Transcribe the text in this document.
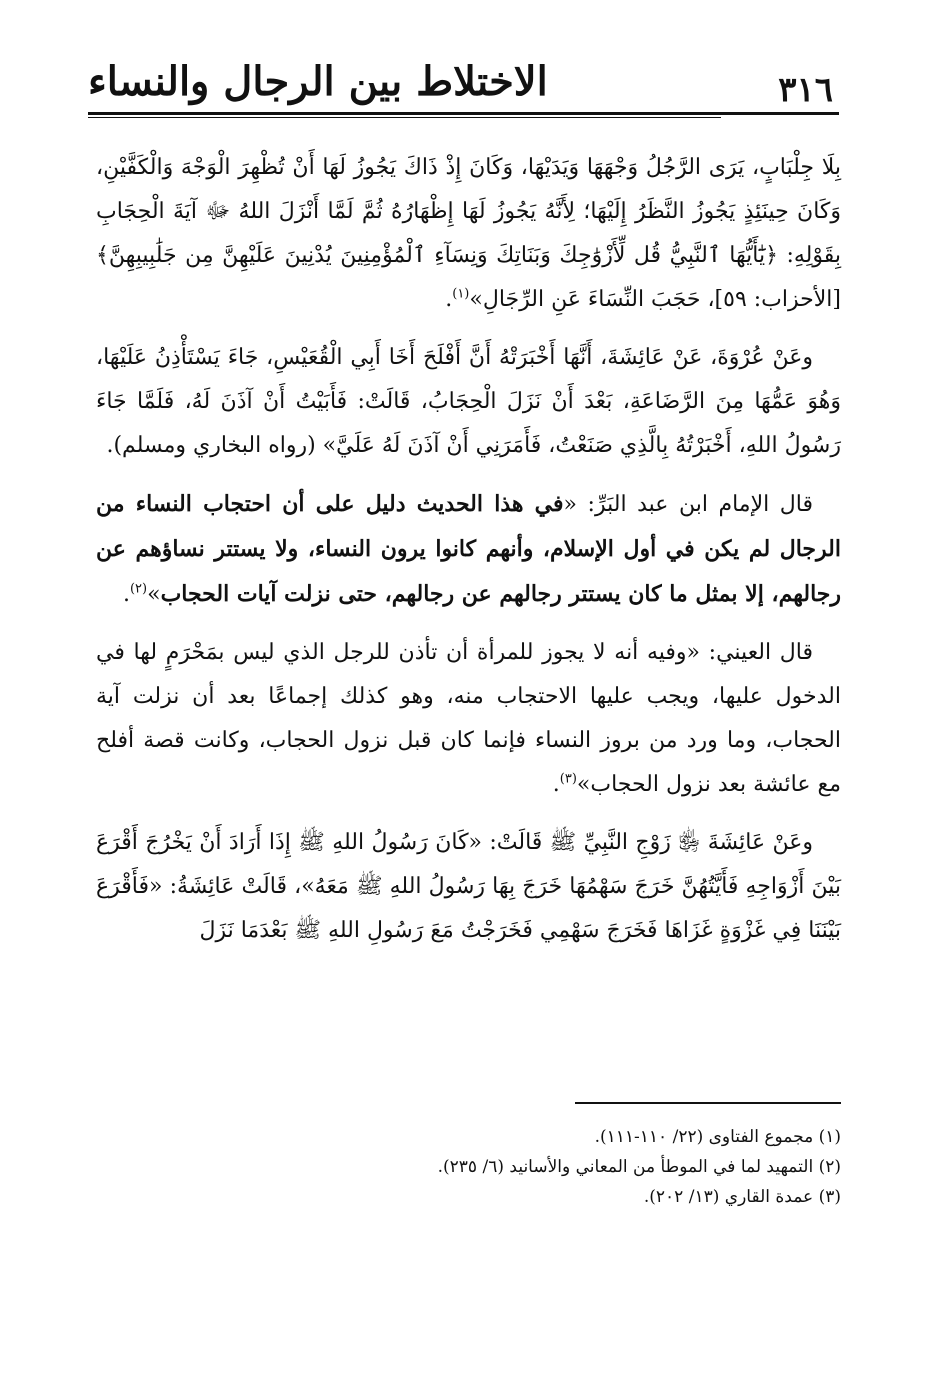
٣١٦
الاختلاط بين الرجال والنساء

بِلَا جِلْبَابٍ، يَرَى الرَّجُلُ وَجْهَهَا وَيَدَيْهَا، وَكَانَ إِذْ ذَاكَ يَجُوزُ لَهَا أَنْ تُظْهِرَ الْوَجْهَ وَالْكَفَّيْنِ، وَكَانَ حِينَئِذٍ يَجُوزُ النَّظَرُ إِلَيْهَا؛ لِأَنَّهُ يَجُوزُ لَهَا إِظْهَارُهُ ثُمَّ لَمَّا أَنْزَلَ اللهُ ﷻ آيَةَ الْحِجَابِ بِقَوْلِهِ: ﴿يَٰٓأَيُّهَا ٱلنَّبِيُّ قُل لِّأَزْوَٰجِكَ وَبَنَاتِكَ وَنِسَآءِ ٱلْمُؤْمِنِينَ يُدْنِينَ عَلَيْهِنَّ مِن جَلَٰبِيبِهِنَّ﴾ [الأحزاب: ٥٩]، حَجَبَ النِّسَاءَ عَنِ الرِّجَالِ»$^{(١)}$.

وعَنْ عُرْوَةَ، عَنْ عَائِشَةَ، أَنَّهَا أَخْبَرَتْهُ أَنَّ أَفْلَحَ أَخَا أَبِي الْقُعَيْسِ، جَاءَ يَسْتَأْذِنُ عَلَيْهَا، وَهُوَ عَمُّهَا مِنَ الرَّضَاعَةِ، بَعْدَ أَنْ نَزَلَ الْحِجَابُ، قَالَتْ: فَأَبَيْتُ أَنْ آذَنَ لَهُ، فَلَمَّا جَاءَ رَسُولُ اللهِ، أَخْبَرْتُهُ بِالَّذِي صَنَعْتُ، فَأَمَرَنِي أَنْ آذَنَ لَهُ عَلَيَّ» (رواه البخاري ومسلم).

قال الإمام ابن عبد البَرِّ: «في هذا الحديث دليل على أن احتجاب النساء من الرجال لم يكن في أول الإسلام، وأنهم كانوا يرون النساء، ولا يستتر نساؤهم عن رجالهم، إلا بمثل ما كان يستتر رجالهم عن رجالهم، حتى نزلت آيات الحجاب»$^{(٢)}$.

قال العيني: «وفيه أنه لا يجوز للمرأة أن تأذن للرجل الذي ليس بمَحْرَمٍ لها في الدخول عليها، ويجب عليها الاحتجاب منه، وهو كذلك إجماعًا بعد أن نزلت آية الحجاب، وما ورد من بروز النساء فإنما كان قبل نزول الحجاب، وكانت قصة أفلح مع عائشة بعد نزول الحجاب»$^{(٣)}$.

وعَنْ عَائِشَةَ ﵂ زَوْجِ النَّبِيِّ ﷺ قَالَتْ: «كَانَ رَسُولُ اللهِ ﷺ إِذَا أَرَادَ أَنْ يَخْرُجَ أَقْرَعَ بَيْنَ أَزْوَاجِهِ فَأَيَّتُهُنَّ خَرَجَ سَهْمُهَا خَرَجَ بِهَا رَسُولُ اللهِ ﷺ مَعَهُ»، قَالَتْ عَائِشَةُ: «فَأَقْرَعَ بَيْنَنَا فِي غَزْوَةٍ غَزَاهَا فَخَرَجَ سَهْمِي فَخَرَجْتُ مَعَ رَسُولِ اللهِ ﷺ بَعْدَمَا نَزَلَ

(١) مجموع الفتاوى (٢٢/ ١١٠-١١١).
(٢) التمهيد لما في الموطأ من المعاني والأسانيد (٦/ ٢٣٥).
(٣) عمدة القاري (١٣/ ٢٠٢).
